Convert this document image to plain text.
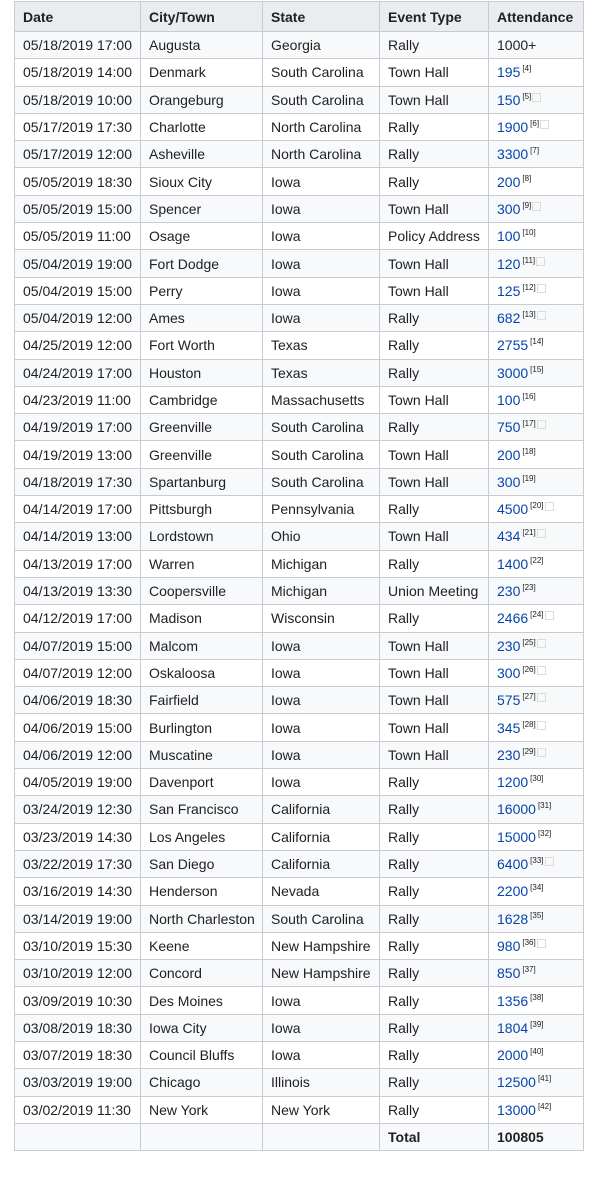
Date	City/Town	State	Event Type	Attendance
05/18/2019 17:00	Augusta	Georgia	Rally	1000+
05/18/2019 14:00	Denmark	South Carolina	Town Hall	195 [4]
05/18/2019 10:00	Orangeburg	South Carolina	Town Hall	150 [5]
05/17/2019 17:30	Charlotte	North Carolina	Rally	1900 [6]
05/17/2019 12:00	Asheville	North Carolina	Rally	3300 [7]
05/05/2019 18:30	Sioux City	Iowa	Rally	200 [8]
05/05/2019 15:00	Spencer	Iowa	Town Hall	300 [9]
05/05/2019 11:00	Osage	Iowa	Policy Address	100 [10]
05/04/2019 19:00	Fort Dodge	Iowa	Town Hall	120 [11]
05/04/2019 15:00	Perry	Iowa	Town Hall	125 [12]
05/04/2019 12:00	Ames	Iowa	Rally	682 [13]
04/25/2019 12:00	Fort Worth	Texas	Rally	2755 [14]
04/24/2019 17:00	Houston	Texas	Rally	3000 [15]
04/23/2019 11:00	Cambridge	Massachusetts	Town Hall	100 [16]
04/19/2019 17:00	Greenville	South Carolina	Rally	750 [17]
04/19/2019 13:00	Greenville	South Carolina	Town Hall	200 [18]
04/18/2019 17:30	Spartanburg	South Carolina	Town Hall	300 [19]
04/14/2019 17:00	Pittsburgh	Pennsylvania	Rally	4500 [20]
04/14/2019 13:00	Lordstown	Ohio	Town Hall	434 [21]
04/13/2019 17:00	Warren	Michigan	Rally	1400 [22]
04/13/2019 13:30	Coopersville	Michigan	Union Meeting	230 [23]
04/12/2019 17:00	Madison	Wisconsin	Rally	2466 [24]
04/07/2019 15:00	Malcom	Iowa	Town Hall	230 [25]
04/07/2019 12:00	Oskaloosa	Iowa	Town Hall	300 [26]
04/06/2019 18:30	Fairfield	Iowa	Town Hall	575 [27]
04/06/2019 15:00	Burlington	Iowa	Town Hall	345 [28]
04/06/2019 12:00	Muscatine	Iowa	Town Hall	230 [29]
04/05/2019 19:00	Davenport	Iowa	Rally	1200 [30]
03/24/2019 12:30	San Francisco	California	Rally	16000 [31]
03/23/2019 14:30	Los Angeles	California	Rally	15000 [32]
03/22/2019 17:30	San Diego	California	Rally	6400 [33]
03/16/2019 14:30	Henderson	Nevada	Rally	2200 [34]
03/14/2019 19:00	North Charleston	South Carolina	Rally	1628 [35]
03/10/2019 15:30	Keene	New Hampshire	Rally	980 [36]
03/10/2019 12:00	Concord	New Hampshire	Rally	850 [37]
03/09/2019 10:30	Des Moines	Iowa	Rally	1356 [38]
03/08/2019 18:30	Iowa City	Iowa	Rally	1804 [39]
03/07/2019 18:30	Council Bluffs	Iowa	Rally	2000 [40]
03/03/2019 19:00	Chicago	Illinois	Rally	12500 [41]
03/02/2019 11:30	New York	New York	Rally	13000 [42]
			Total	100805
